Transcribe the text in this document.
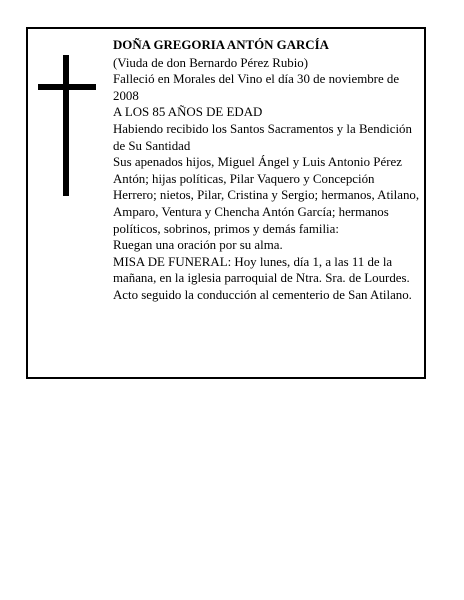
DOÑA GREGORIA ANTÓN GARCÍA

(Viuda de don Bernardo Pérez Rubio)

Falleció en Morales del Vino el día 30 de noviembre de 2008

A LOS 85 AÑOS DE EDAD

Habiendo recibido los Santos Sacramentos y la Bendición de Su Santidad

Sus apenados hijos, Miguel Ángel y Luis Antonio Pérez Antón; hijas políticas, Pilar Vaquero y Concepción Herrero; nietos, Pilar, Cristina y Sergio; hermanos, Atilano, Amparo, Ventura y Chencha Antón García; hermanos políticos, sobrinos, primos y demás familia:

Ruegan una oración por su alma.

MISA DE FUNERAL: Hoy lunes, día 1, a las 11 de la mañana, en la iglesia parroquial de Ntra. Sra. de Lourdes. Acto seguido la conducción al cementerio de San Atilano.
